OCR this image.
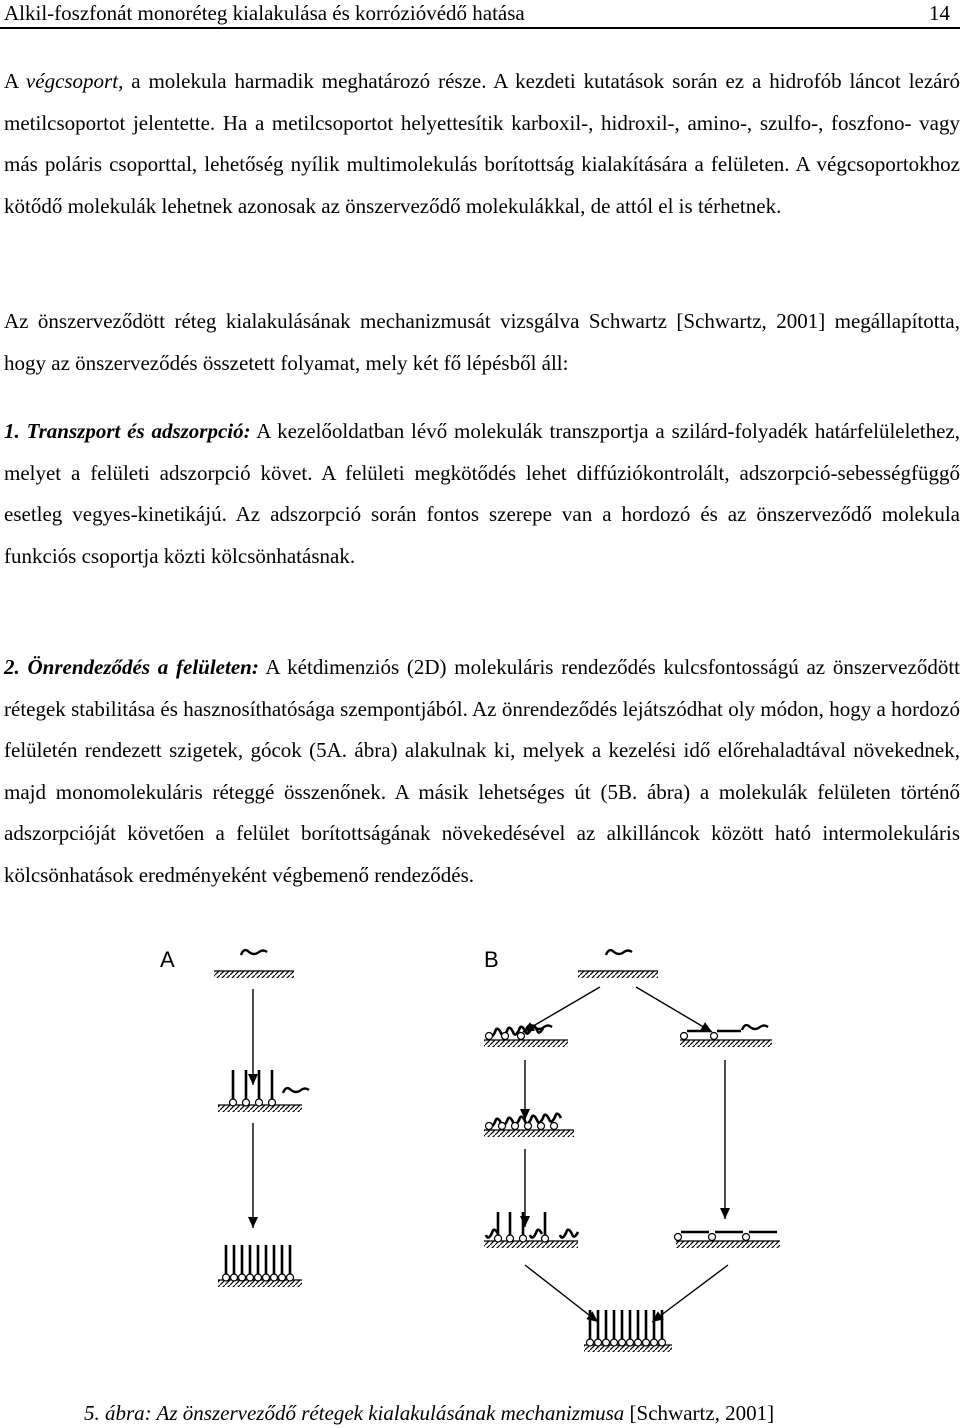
Alkil-foszfonát monoréteg kialakulása és korrózióvédő hatása	14

A végcsoport, a molekula harmadik meghatározó része. A kezdeti kutatások során ez a hidrofób láncot lezáró metilcsoportot jelentette. Ha a metilcsoportot helyettesítik karboxil-, hidroxil-, amino-, szulfo-, foszfono- vagy más poláris csoporttal, lehetőség nyílik multimolekulás borítottság kialakítására a felületen. A végcsoportokhoz kötődő molekulák lehetnek azonosak az önszerveződő molekulákkal, de attól el is térhetnek.

Az önszerveződött réteg kialakulásának mechanizmusát vizsgálva Schwartz [Schwartz, 2001] megállapította, hogy az önszerveződés összetett folyamat, mely két fő lépésből áll:

1. Transzport és adszorpció: A kezelőoldatban lévő molekulák transzportja a szilárd-folyadék határfelülelethez, melyet a felületi adszorpció követ. A felületi megkötődés lehet diffúziókontrolált, adszorpció-sebességfüggő esetleg vegyes-kinetikájú. Az adszorpció során fontos szerepe van a hordozó és az önszerveződő molekula funkciós csoportja közti kölcsönhatásnak.

2. Önrendeződés a felületen: A kétdimenziós (2D) molekuláris rendeződés kulcsfontosságú az önszerveződött rétegek stabilitása és hasznosíthatósága szempontjából. Az önrendeződés lejátszódhat oly módon, hogy a hordozó felületén rendezett szigetek, gócok (5A. ábra) alakulnak ki, melyek a kezelési idő előrehaladtával növekednek, majd monomolekuláris réteggé összenőnek. A másik lehetséges út (5B. ábra) a molekulák felületen történő adszorpcióját követően a felület borítottságának növekedésével az alkilláncok között ható intermolekuláris kölcsönhatások eredményeként végbemenő rendeződés.

A	B
5. ábra: Az önszerveződő rétegek kialakulásának mechanizmusa [Schwartz, 2001]
